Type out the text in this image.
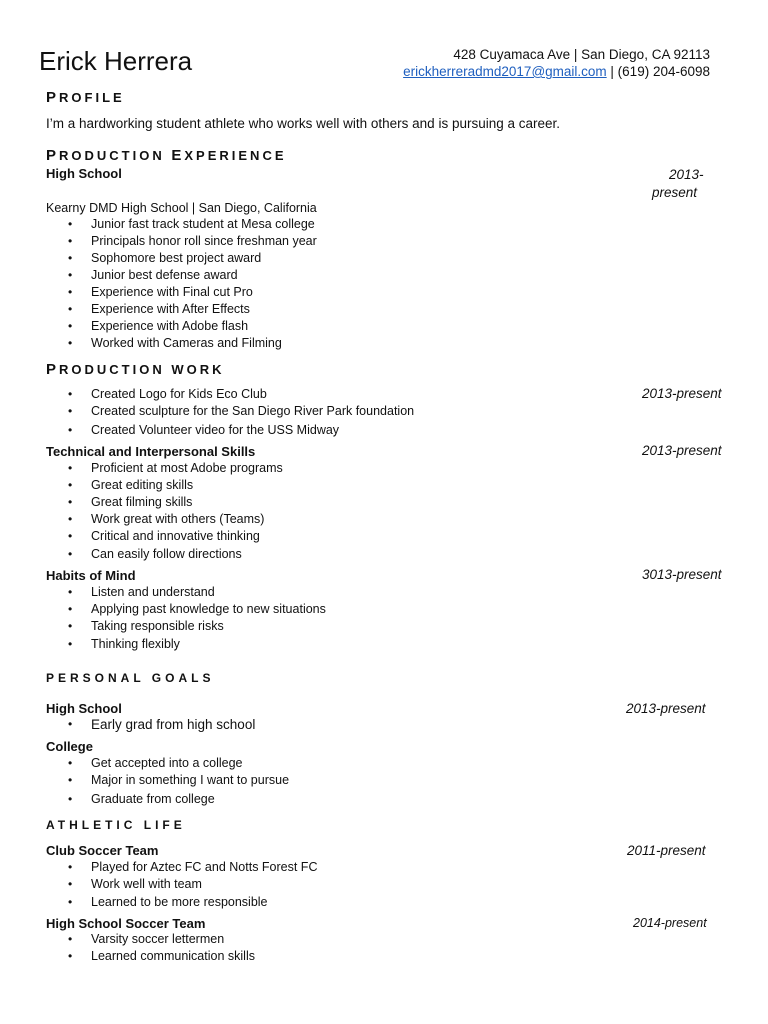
Erick Herrera	428 Cuyamaca Ave | San Diego, CA 92113
erickherreradmd2017@gmail.com | (619) 204-6098
PROFILE
I’m a hardworking student athlete who works well with others and is pursuing a career.
PRODUCTION EXPERIENCE
High School	2013-
present
Kearny DMD High School | San Diego, California
• Junior fast track student at Mesa college
• Principals honor roll since freshman year
• Sophomore best project award
• Junior best defense award
• Experience with Final cut Pro
• Experience with After Effects
• Experience with Adobe flash
• Worked with Cameras and Filming
PRODUCTION WORK
2013-present
• Created Logo for Kids Eco Club
• Created sculpture for the San Diego River Park foundation
• Created Volunteer video for the USS Midway
Technical and Interpersonal Skills	2013-present
• Proficient at most Adobe programs
• Great editing skills
• Great filming skills
• Work great with others (Teams)
• Critical and innovative thinking
• Can easily follow directions
Habits of Mind	3013-present
• Listen and understand
• Applying past knowledge to new situations
• Taking responsible risks
• Thinking flexibly
PERSONAL GOALS
High School	2013-present
• Early grad from high school
College
• Get accepted into a college
• Major in something I want to pursue
• Graduate from college
ATHLETIC LIFE
Club Soccer Team	2011-present
• Played for Aztec FC and Notts Forest FC
• Work well with team
• Learned to be more responsible
High School Soccer Team	2014-present
• Varsity soccer lettermen
• Learned communication skills
